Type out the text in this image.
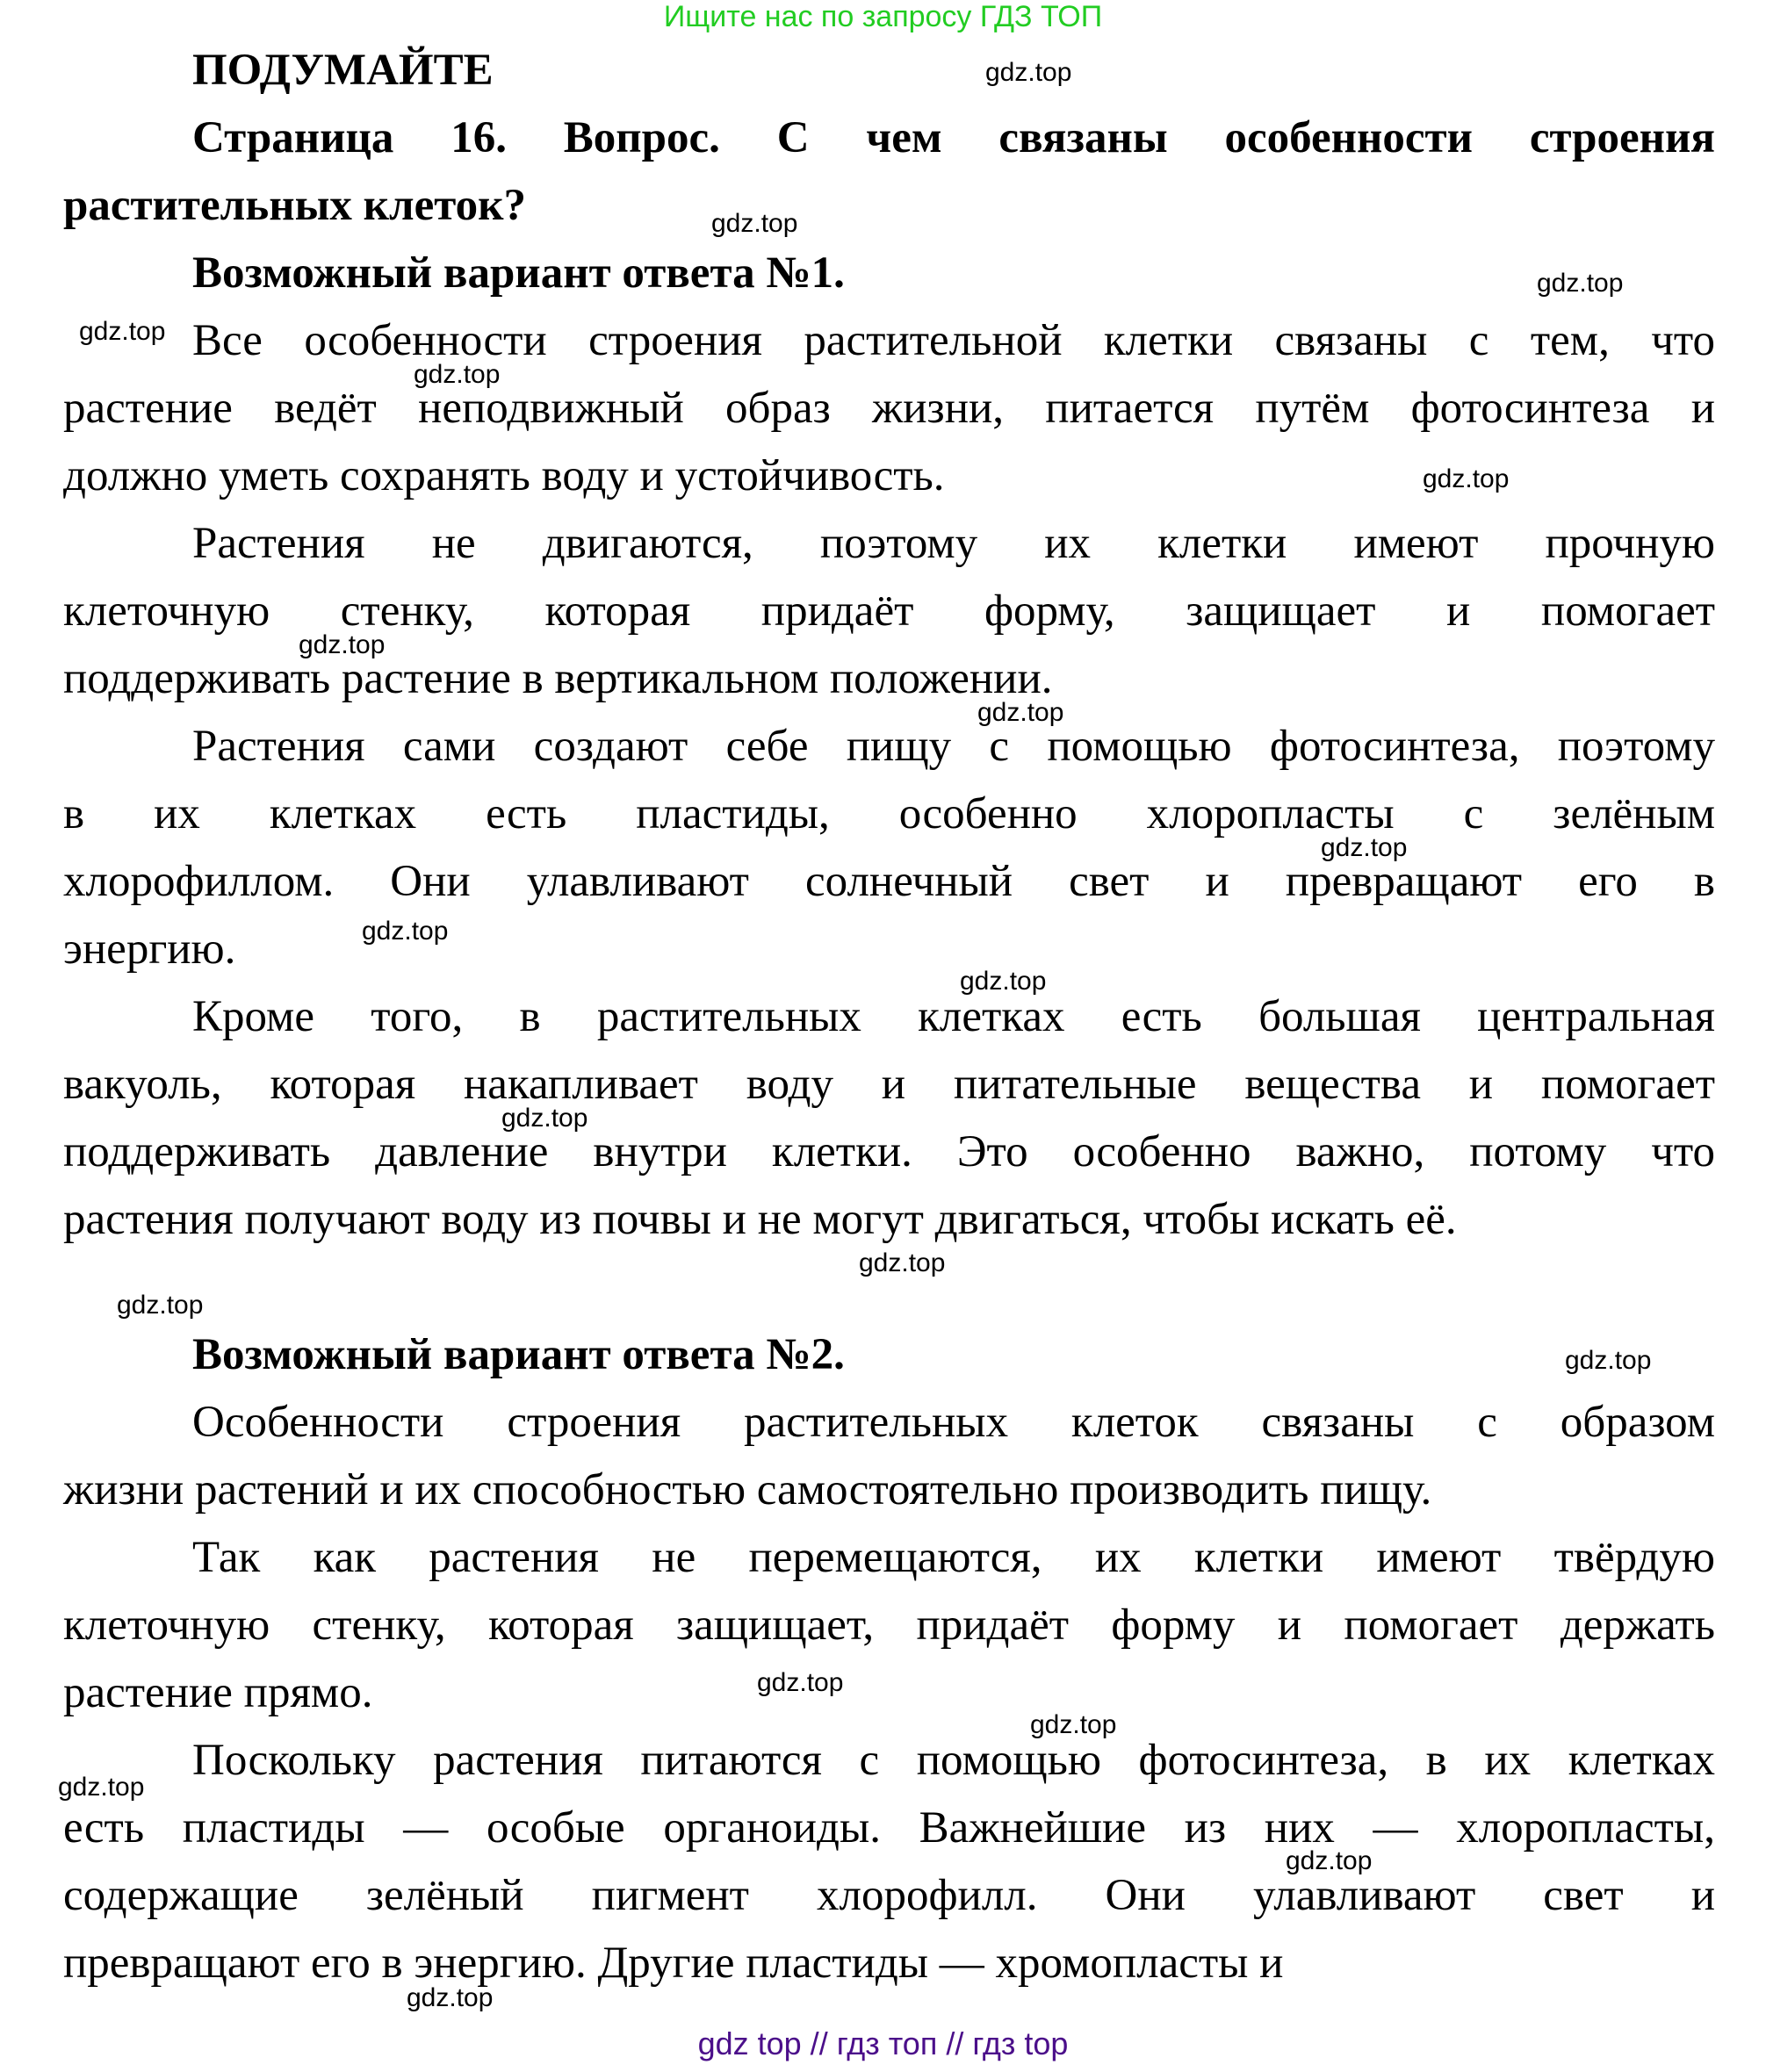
Ищите нас по запросу ГДЗ ТОП
ПОДУМАЙТЕ
Страница 16. Вопрос. С чем связаны особенности строения
растительных клеток?
Возможный вариант ответа №1.
Все особенности строения растительной клетки связаны с тем, что
растение ведёт неподвижный образ жизни, питается путём фотосинтеза и
должно уметь сохранять воду и устойчивость.
Растения не двигаются, поэтому их клетки имеют прочную
клеточную стенку, которая придаёт форму, защищает и помогает
поддерживать растение в вертикальном положении.
Растения сами создают себе пищу с помощью фотосинтеза, поэтому
в их клетках есть пластиды, особенно хлоропласты с зелёным
хлорофиллом. Они улавливают солнечный свет и превращают его в
энергию.
Кроме того, в растительных клетках есть большая центральная
вакуоль, которая накапливает воду и питательные вещества и помогает
поддерживать давление внутри клетки. Это особенно важно, потому что
растения получают воду из почвы и не могут двигаться, чтобы искать её.
Возможный вариант ответа №2.
Особенности строения растительных клеток связаны с образом
жизни растений и их способностью самостоятельно производить пищу.
Так как растения не перемещаются, их клетки имеют твёрдую
клеточную стенку, которая защищает, придаёт форму и помогает держать
растение прямо.
Поскольку растения питаются с помощью фотосинтеза, в их клетках
есть пластиды — особые органоиды. Важнейшие из них — хлоропласты,
содержащие зелёный пигмент хлорофилл. Они улавливают свет и
превращают его в энергию. Другие пластиды — хромопласты и
gdz.top
gdz.top
gdz.top
gdz.top
gdz.top
gdz.top
gdz.top
gdz.top
gdz.top
gdz.top
gdz.top
gdz.top
gdz.top
gdz.top
gdz.top
gdz.top
gdz.top
gdz.top
gdz.top
gdz.top
gdz top // гдз топ // гдз top
